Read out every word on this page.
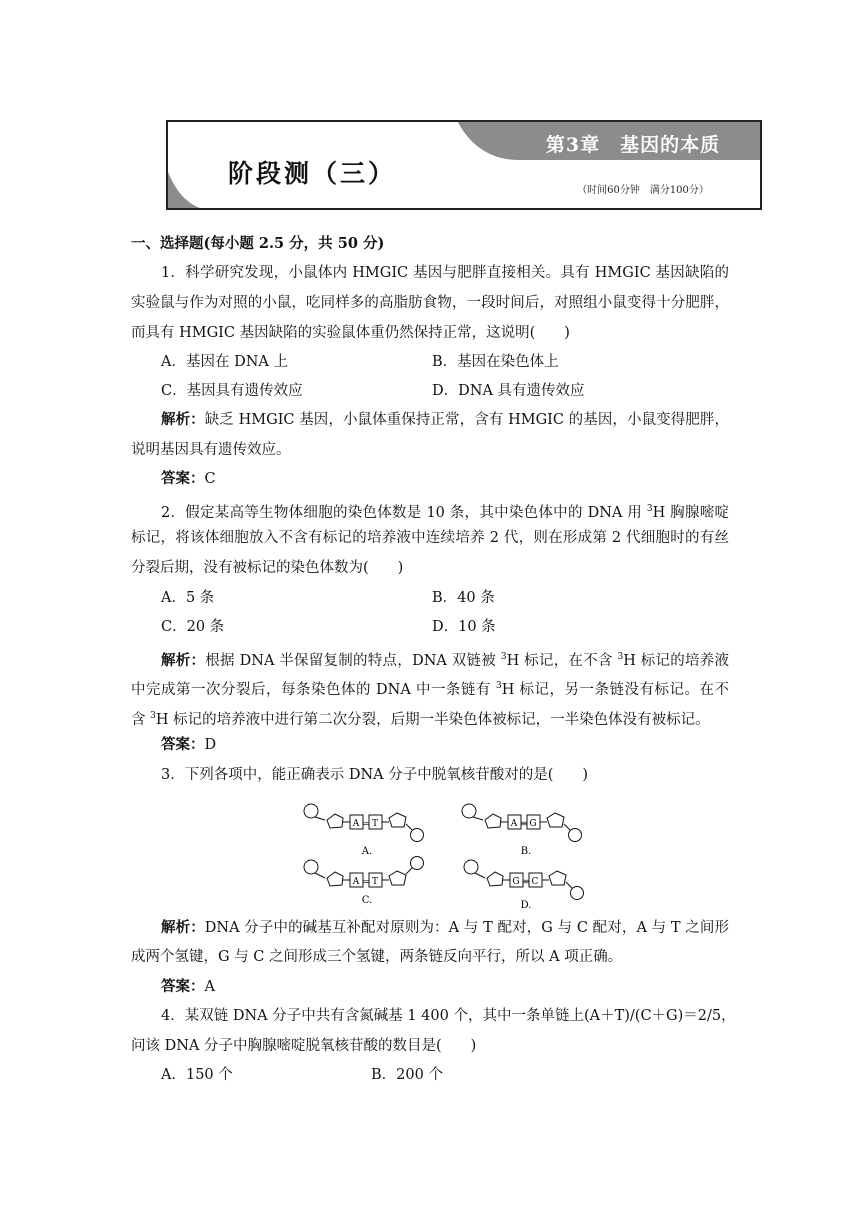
第3章　基因的本质
阶段测（三）
（时间60分钟　满分100分）
一、选择题(每小题 2.5 分，共 50 分)
1．科学研究发现，小鼠体内 HMGIC 基因与肥胖直接相关。具有 HMGIC 基因缺陷的
实验鼠与作为对照的小鼠，吃同样多的高脂肪食物，一段时间后，对照组小鼠变得十分肥胖，
而具有 HMGIC 基因缺陷的实验鼠体重仍然保持正常，这说明(　　)
A．基因在 DNA 上	B．基因在染色体上
C．基因具有遗传效应	D．DNA 具有遗传效应
解析：缺乏 HMGIC 基因，小鼠体重保持正常，含有 HMGIC 的基因，小鼠变得肥胖，
说明基因具有遗传效应。
答案：C
2．假定某高等生物体细胞的染色体数是 10 条，其中染色体中的 DNA 用 $^3$H 胸腺嘧啶
标记，将该体细胞放入不含有标记的培养液中连续培养 2 代，则在形成第 2 代细胞时的有丝
分裂后期，没有被标记的染色体数为(　　)
A．5 条	B．40 条
C．20 条	D．10 条
解析：根据 DNA 半保留复制的特点，DNA 双链被 $^3$H 标记，在不含 $^3$H 标记的培养液
中完成第一次分裂后，每条染色体的 DNA 中一条链有 $^3$H 标记，另一条链没有标记。在不
含 $^3$H 标记的培养液中进行第二次分裂，后期一半染色体被标记，一半染色体没有被标记。
答案：D
3．下列各项中，能正确表示 DNA 分子中脱氧核苷酸对的是(　　)
A = T
A.
A ≡ G
B.
A = T
C.
G ≡ C
D.
解析：DNA 分子中的碱基互补配对原则为：A 与 T 配对，G 与 C 配对，A 与 T 之间形
成两个氢键，G 与 C 之间形成三个氢键，两条链反向平行，所以 A 项正确。
答案：A
4．某双链 DNA 分子中共有含氮碱基 1 400 个，其中一条单链上(A＋T)/(C＋G)＝2/5，
问该 DNA 分子中胸腺嘧啶脱氧核苷酸的数目是(　　)
A．150 个	B．200 个
